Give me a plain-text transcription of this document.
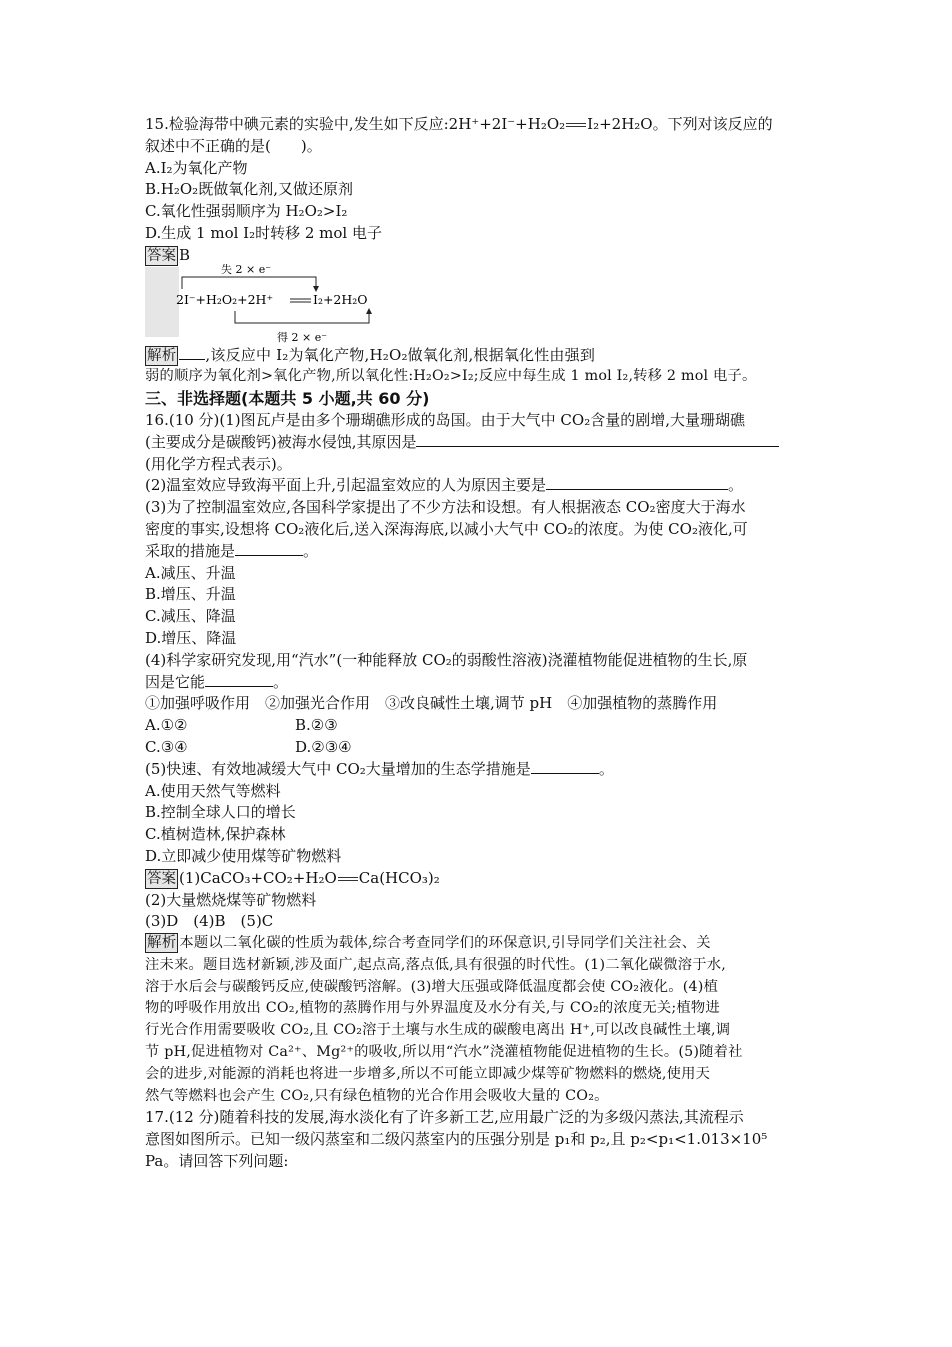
15.检验海带中碘元素的实验中,发生如下反应:2H⁺+2I⁻+H₂O₂ I₂+2H₂O。下列对该反应的
叙述中不正确的是(　　)。
A.I₂为氧化产物
B.H₂O₂既做氧化剂,又做还原剂
C.氧化性强弱顺序为 H₂O₂>I₂
D.生成 1 mol I₂时转移 2 mol 电子
答案 B
失 2 × e⁻
2I⁻+H₂O₂+2H⁺	I₂+2H₂O
得 2 × e⁻
解析 ,该反应中 I₂为氧化产物,H₂O₂做氧化剂,根据氧化性由强到
弱的顺序为氧化剂>氧化产物,所以氧化性:H₂O₂>I₂;反应中每生成 1 mol I₂,转移 2 mol 电子。
三、非选择题(本题共 5 小题,共 60 分)
16.(10 分)(1)图瓦卢是由多个珊瑚礁形成的岛国。由于大气中 CO₂含量的剧增,大量珊瑚礁
(主要成分是碳酸钙)被海水侵蚀,其原因是
(用化学方程式表示)。
(2)温室效应导致海平面上升,引起温室效应的人为原因主要是	。
(3)为了控制温室效应,各国科学家提出了不少方法和设想。有人根据液态 CO₂密度大于海水
密度的事实,设想将 CO₂液化后,送入深海海底,以减小大气中 CO₂的浓度。为使 CO₂液化,可
采取的措施是	。
A.减压、升温
B.增压、升温
C.减压、降温
D.增压、降温
(4)科学家研究发现,用“汽水”(一种能释放 CO₂的弱酸性溶液)浇灌植物能促进植物的生长,原
因是它能	。
①加强呼吸作用　②加强光合作用　③改良碱性土壤,调节 pH　④加强植物的蒸腾作用
A.①②	B.②③
C.③④	D.②③④
(5)快速、有效地减缓大气中 CO₂大量增加的生态学措施是	。
A.使用天然气等燃料
B.控制全球人口的增长
C.植树造林,保护森林
D.立即减少使用煤等矿物燃料
答案 (1)CaCO₃+CO₂+H₂O Ca(HCO₃)₂
(2)大量燃烧煤等矿物燃料
(3)D　(4)B　(5)C
解析 本题以二氧化碳的性质为载体,综合考查同学们的环保意识,引导同学们关注社会、关
注未来。题目选材新颖,涉及面广,起点高,落点低,具有很强的时代性。(1)二氧化碳微溶于水,
溶于水后会与碳酸钙反应,使碳酸钙溶解。(3)增大压强或降低温度都会使 CO₂液化。(4)植
物的呼吸作用放出 CO₂,植物的蒸腾作用与外界温度及水分有关,与 CO₂的浓度无关;植物进
行光合作用需要吸收 CO₂,且 CO₂溶于土壤与水生成的碳酸电离出 H⁺,可以改良碱性土壤,调
节 pH,促进植物对 Ca²⁺、Mg²⁺的吸收,所以用“汽水”浇灌植物能促进植物的生长。(5)随着社
会的进步,对能源的消耗也将进一步增多,所以不可能立即减少煤等矿物燃料的燃烧,使用天
然气等燃料也会产生 CO₂,只有绿色植物的光合作用会吸收大量的 CO₂。
17.(12 分)随着科技的发展,海水淡化有了许多新工艺,应用最广泛的为多级闪蒸法,其流程示
意图如图所示。已知一级闪蒸室和二级闪蒸室内的压强分别是 p₁和 p₂,且 p₂<p₁<1.013×10⁵
Pa。请回答下列问题:
